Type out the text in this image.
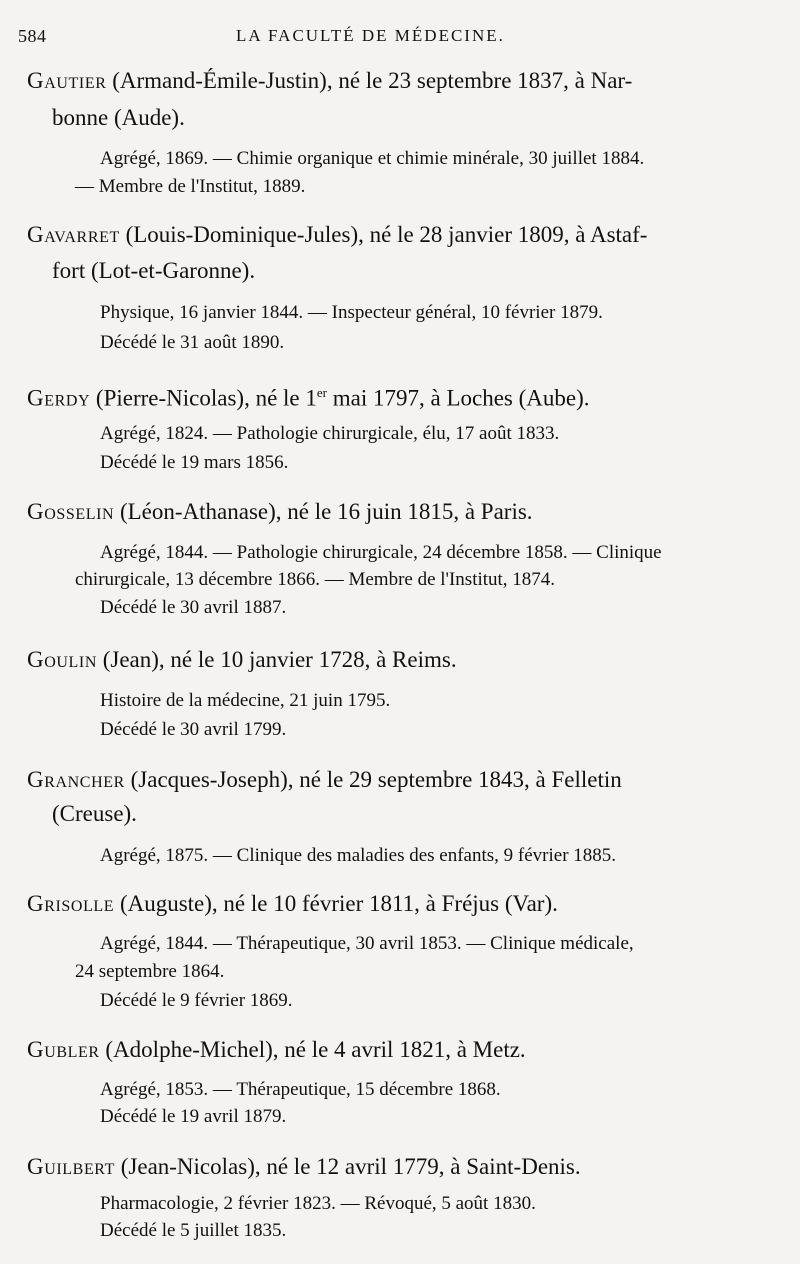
584	LA FACULTÉ DE MÉDECINE.
Gautier (Armand-Émile-Justin), né le 23 septembre 1837, à Nar-
bonne (Aude).
Agrégé, 1869. — Chimie organique et chimie minérale, 30 juillet 1884.
— Membre de l'Institut, 1889.
Gavarret (Louis-Dominique-Jules), né le 28 janvier 1809, à Astaf-
fort (Lot-et-Garonne).
Physique, 16 janvier 1844. — Inspecteur général, 10 février 1879.
Décédé le 31 août 1890.
Gerdy (Pierre-Nicolas), né le 1er mai 1797, à Loches (Aube).
Agrégé, 1824. — Pathologie chirurgicale, élu, 17 août 1833.
Décédé le 19 mars 1856.
Gosselin (Léon-Athanase), né le 16 juin 1815, à Paris.
Agrégé, 1844. — Pathologie chirurgicale, 24 décembre 1858. — Clinique
chirurgicale, 13 décembre 1866. — Membre de l'Institut, 1874.
Décédé le 30 avril 1887.
Goulin (Jean), né le 10 janvier 1728, à Reims.
Histoire de la médecine, 21 juin 1795.
Décédé le 30 avril 1799.
Grancher (Jacques-Joseph), né le 29 septembre 1843, à Felletin
(Creuse).
Agrégé, 1875. — Clinique des maladies des enfants, 9 février 1885.
Grisolle (Auguste), né le 10 février 1811, à Fréjus (Var).
Agrégé, 1844. — Thérapeutique, 30 avril 1853. — Clinique médicale,
24 septembre 1864.
Décédé le 9 février 1869.
Gubler (Adolphe-Michel), né le 4 avril 1821, à Metz.
Agrégé, 1853. — Thérapeutique, 15 décembre 1868.
Décédé le 19 avril 1879.
Guilbert (Jean-Nicolas), né le 12 avril 1779, à Saint-Denis.
Pharmacologie, 2 février 1823. — Révoqué, 5 août 1830.
Décédé le 5 juillet 1835.
